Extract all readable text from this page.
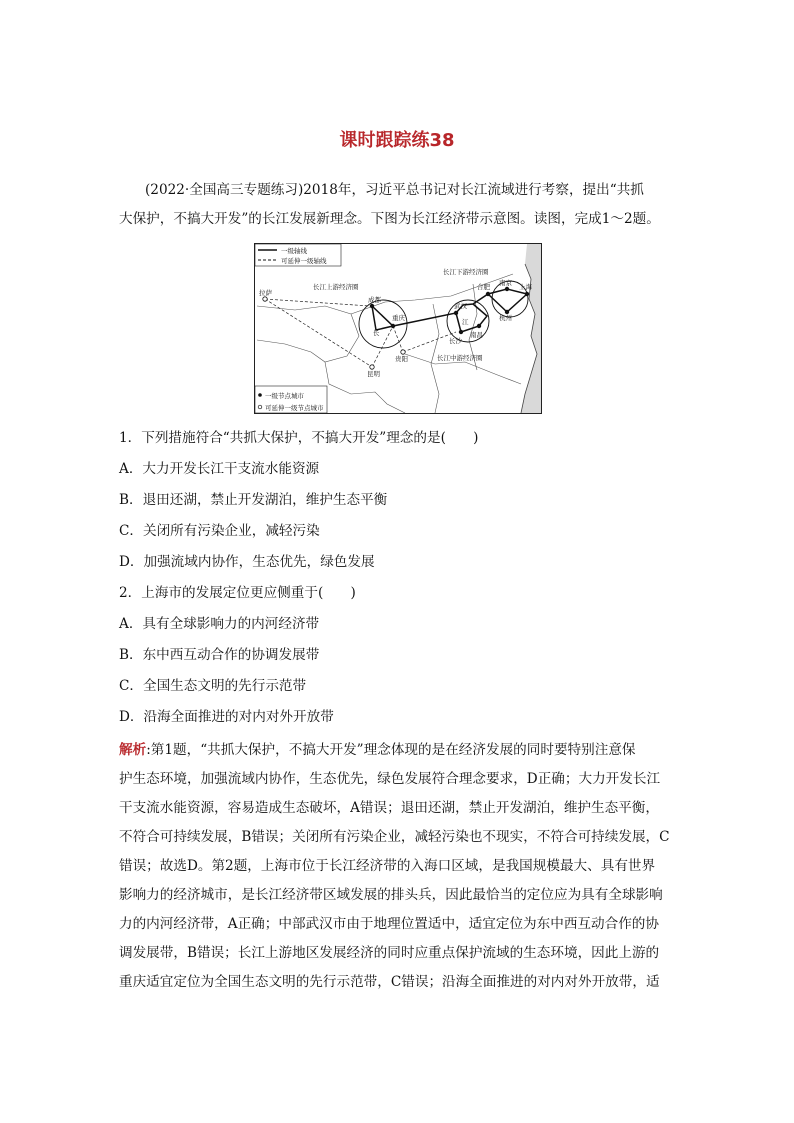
课时跟踪练38
(2022·全国高三专题练习)2018年，习近平总书记对长江流域进行考察，提出“共抓
大保护，不搞大开发”的长江发展新理念。下图为长江经济带示意图。读图，完成1～2题。
一级轴线
可延伸一级轴线
一级节点城市
可延伸一级节点城市
拉萨
成都
重庆
昆明
贵阳
武汉
长沙
南昌
合肥 南京 上海
杭州
长
江
长江上游经济圈
长江下游经济圈
长江中游经济圈
1．下列措施符合“共抓大保护，不搞大开发”理念的是(　　)
A．大力开发长江干支流水能资源
B．退田还湖，禁止开发湖泊，维护生态平衡
C．关闭所有污染企业，减轻污染
D．加强流域内协作，生态优先，绿色发展
2．上海市的发展定位更应侧重于(　　)
A．具有全球影响力的内河经济带
B．东中西互动合作的协调发展带
C．全国生态文明的先行示范带
D．沿海全面推进的对内对外开放带
解析:第1题，“共抓大保护，不搞大开发”理念体现的是在经济发展的同时要特别注意保
护生态环境，加强流域内协作，生态优先，绿色发展符合理念要求，D正确；大力开发长江
干支流水能资源，容易造成生态破坏，A错误；退田还湖，禁止开发湖泊，维护生态平衡，
不符合可持续发展，B错误；关闭所有污染企业，减轻污染也不现实，不符合可持续发展，C
错误；故选D。第2题，上海市位于长江经济带的入海口区域，是我国规模最大、具有世界
影响力的经济城市，是长江经济带区域发展的排头兵，因此最恰当的定位应为具有全球影响
力的内河经济带，A正确；中部武汉市由于地理位置适中，适宜定位为东中西互动合作的协
调发展带，B错误；长江上游地区发展经济的同时应重点保护流域的生态环境，因此上游的
重庆适宜定位为全国生态文明的先行示范带，C错误；沿海全面推进的对内对外开放带，适
